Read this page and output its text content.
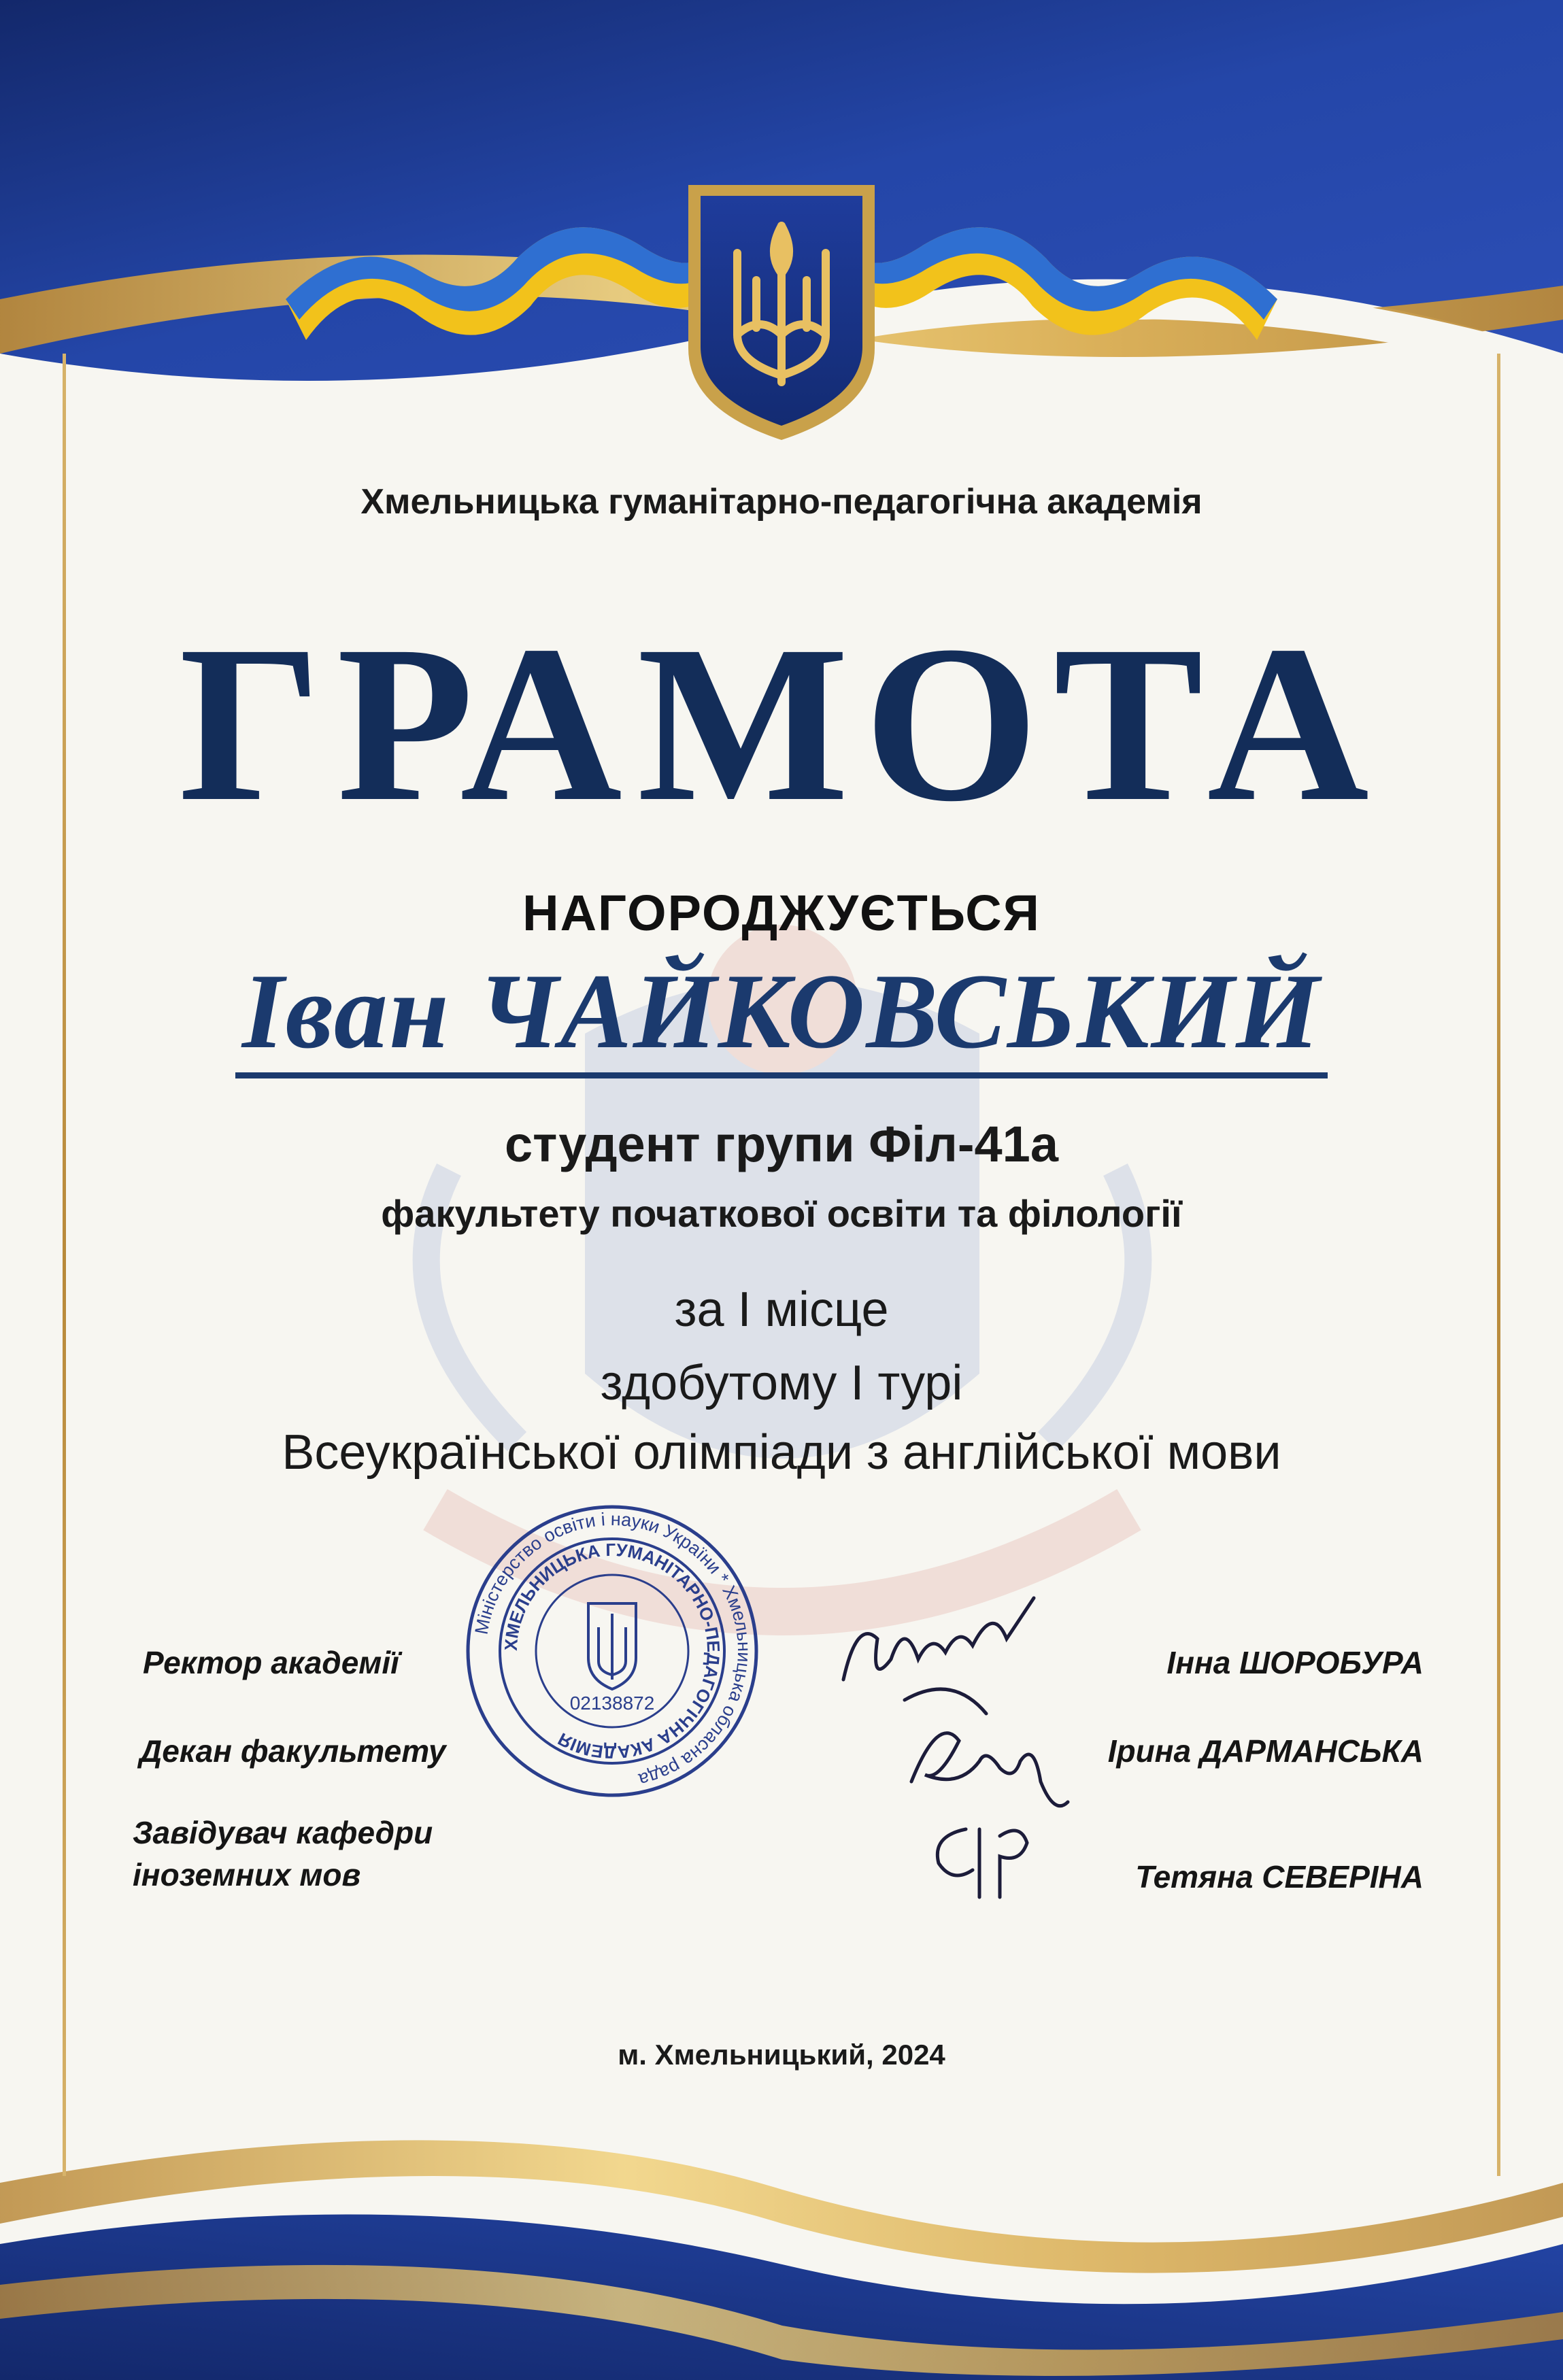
Хмельницька гуманітарно-педагогічна академія
ГРАМОТА
НАГОРОДЖУЄТЬСЯ
Іван ЧАЙКОВСЬКИЙ
студент групи Філ-41а
факультету початкової освіти та філології
за І місце
здобутому І турі
Всеукраїнської олімпіади з англійської мови
Міністерство освіти і науки України * Хмельницька обласна рада
ХМЕЛЬНИЦЬКА ГУМАНІТАРНО-ПЕДАГОГІЧНА АКАДЕМІЯ
02138872
Ректор академії	Інна ШОРОБУРА
Декан факультету	Ірина ДАРМАНСЬКА
Завідувач кафедри
іноземних мов	Тетяна СЕВЕРІНА
м. Хмельницький, 2024
